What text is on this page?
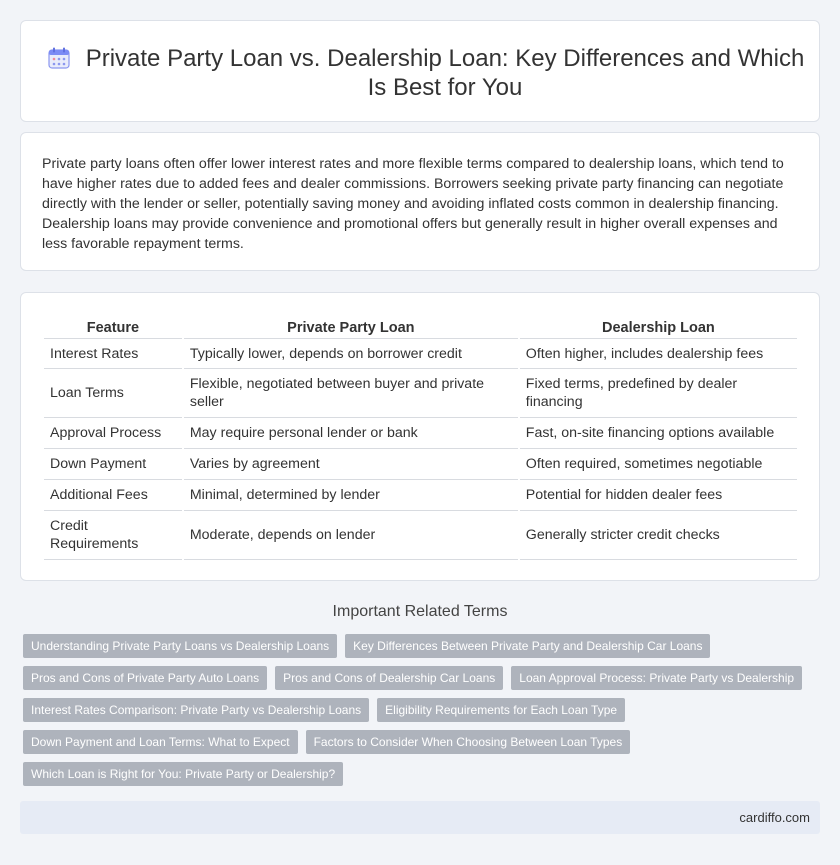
Private Party Loan vs. Dealership Loan: Key Differences and Which Is Best for You

Private party loans often offer lower interest rates and more flexible terms compared to dealership loans, which tend to have higher rates due to added fees and dealer commissions. Borrowers seeking private party financing can negotiate directly with the lender or seller, potentially saving money and avoiding inflated costs common in dealership financing. Dealership loans may provide convenience and promotional offers but generally result in higher overall expenses and less favorable repayment terms.

Feature	Private Party Loan	Dealership Loan
Interest Rates	Typically lower, depends on borrower credit	Often higher, includes dealership fees
Loan Terms	Flexible, negotiated between buyer and private seller	Fixed terms, predefined by dealer financing
Approval Process	May require personal lender or bank	Fast, on-site financing options available
Down Payment	Varies by agreement	Often required, sometimes negotiable
Additional Fees	Minimal, determined by lender	Potential for hidden dealer fees
Credit Requirements	Moderate, depends on lender	Generally stricter credit checks
Important Related Terms
Understanding Private Party Loans vs Dealership Loans	Key Differences Between Private Party and Dealership Car Loans
Pros and Cons of Private Party Auto Loans	Pros and Cons of Dealership Car Loans	Loan Approval Process: Private Party vs Dealership
Interest Rates Comparison: Private Party vs Dealership Loans	Eligibility Requirements for Each Loan Type
Down Payment and Loan Terms: What to Expect	Factors to Consider When Choosing Between Loan Types
Which Loan is Right for You: Private Party or Dealership?
cardiffo.com
